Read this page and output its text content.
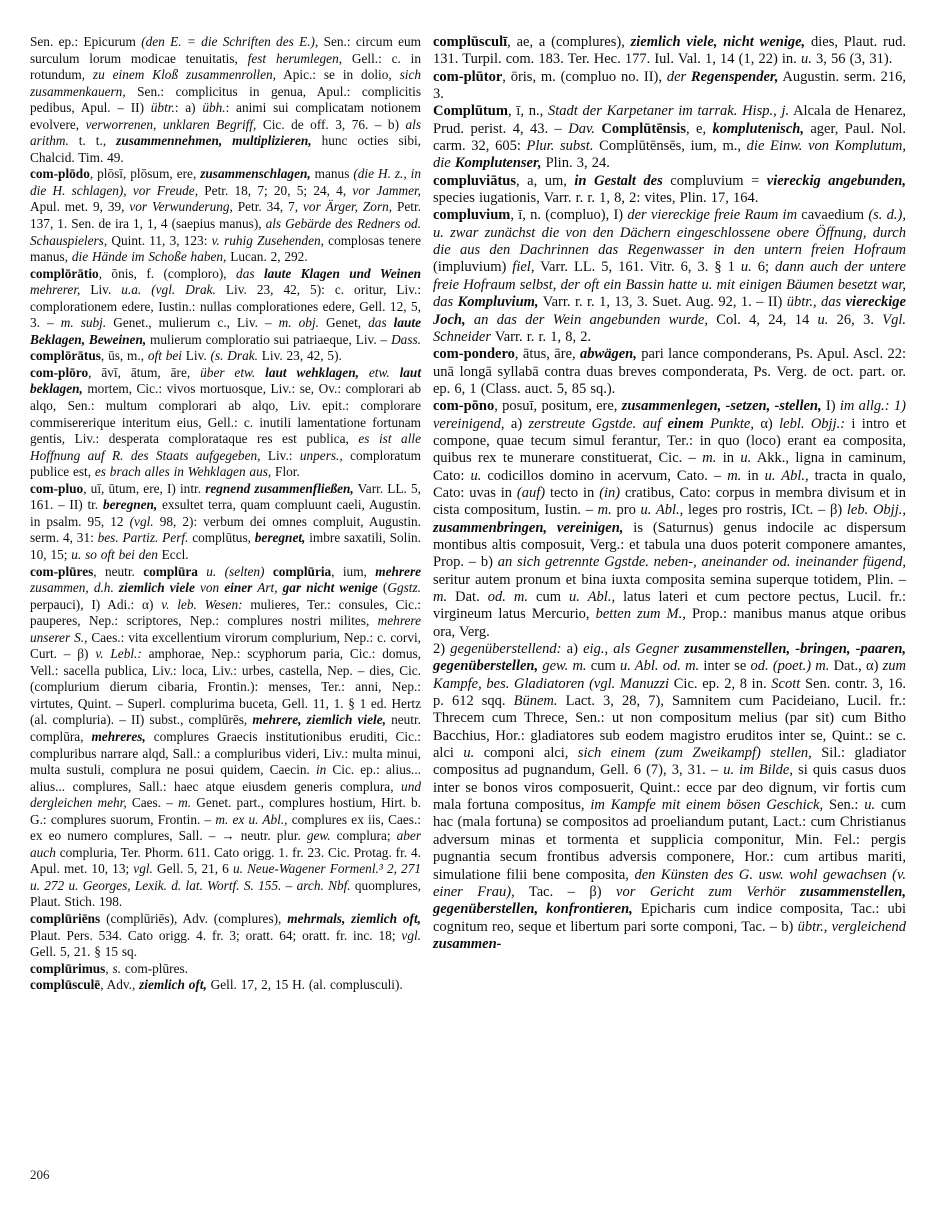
Sen. ep.: Epicurum (den E. = die Schriften des E.), Sen.: circum eum surculum lorum modicae tenuitatis, fest herumlegen, Gell.: c. in rotundum, zu einem Kloß zusammenrollen, Apic.: se in dolio, sich zusammenkauern, Sen.: complicitus in genua, Apul.: complicitis pedibus, Apul. – II) übtr.: a) übh.: animi sui complicatam notionem evolvere, verworrenen, unklaren Begriff, Cic. de off. 3, 76. – b) als arithm. t. t., zusammennehmen, multiplizieren, hunc octies sibi, Chalcid. Tim. 49.

com-plōdo, plōsī, plōsum, ere, zusammenschlagen, manus (die H. z., in die H. schlagen), vor Freude, Petr. 18, 7; 20, 5; 24, 4, vor Jammer, Apul. met. 9, 39, vor Verwunderung, Petr. 34, 7, vor Ärger, Zorn, Petr. 137, 1. Sen. de ira 1, 1, 4 (saepius manus), als Gebärde des Redners od. Schauspielers, Quint. 11, 3, 123: v. ruhig Zusehenden, complosas tenere manus, die Hände im Schoße haben, Lucan. 2, 292.

complōrātio, ōnis, f. (comploro), das laute Klagen und Weinen mehrerer, Liv. u.a. (vgl. Drak. Liv. 23, 42, 5): c. oritur, Liv.: complorationem edere, Iustin.: nullas complorationes edere, Gell. 12, 5, 3. – m. subj. Genet., mulierum c., Liv. – m. obj. Genet, das laute Beklagen, Beweinen, mulierum comploratio sui patriaeque, Liv. – Dass. complōrātus, ūs, m., oft bei Liv. (s. Drak. Liv. 23, 42, 5).

com-plōro, āvī, ātum, āre, über etw. laut wehklagen, etw. laut beklagen, mortem, Cic.: vivos mortuosque, Liv.: se, Ov.: complorari ab alqo, Sen.: multum complorari ab alqo, Liv. epit.: complorare commisererique interitum eius, Gell.: c. inutili lamentatione fortunam gentis, Liv.: desperata complorataque res est publica, es ist alle Hoffnung auf R. des Staats aufgegeben, Liv.: unpers., comploratum publice est, es brach alles in Wehklagen aus, Flor.

com-pluo, uī, ūtum, ere, I) intr. regnend zusammenfließen, Varr. LL. 5, 161. – II) tr. beregnen, exsultet terra, quam compluunt caeli, Augustin. in psalm. 95, 12 (vgl. 98, 2): verbum dei omnes compluit, Augustin. serm. 4, 31: bes. Partiz. Perf. complūtus, beregnet, imbre saxatili, Solin. 10, 15; u. so oft bei den Eccl.

com-plūres, neutr. complūra u. (selten) complūria, ium, mehrere zusammen, d.h. ziemlich viele von einer Art, gar nicht wenige (Ggstz. perpauci), I) Adi.: α) v. leb. Wesen: mulieres, Ter.: consules, Cic.: pauperes, Nep.: scriptores, Nep.: complures nostri milites, mehrere unserer S., Caes.: vita excellentium virorum complurium, Nep.: c. corvi, Curt. – β) v. Lebl.: amphorae, Nep.: scyphorum paria, Cic.: domus, Vell.: sacella publica, Liv.: loca, Liv.: urbes, castella, Nep. – dies, Cic. (complurium dierum cibaria, Frontin.): menses, Ter.: anni, Nep.: virtutes, Quint. – Superl. complurima buceta, Gell. 11, 1. § 1 ed. Hertz (al. compluria). – II) subst., complūrēs, mehrere, ziemlich viele, neutr. complūra, mehreres, complures Graecis institutionibus eruditi, Cic.: compluribus narrare alqd, Sall.: a compluribus videri, Liv.: multa minui, multa sustuli, complura ne posui quidem, Caecin. in Cic. ep.: alius... alius... complures, Sall.: haec atque eiusdem generis complura, und dergleichen mehr, Caes. – m. Genet. part., complures hostium, Hirt. b. G.: complures suorum, Frontin. – m. ex u. Abl., complures ex iis, Caes.: ex eo numero complures, Sall. – → neutr. plur. gew. complura; aber auch compluria, Ter. Phorm. 611. Cato origg. 1. fr. 23. Cic. Protag. fr. 4. Apul. met. 10, 13; vgl. Gell. 5, 21, 6 u. Neue-Wagener Formenl.³ 2, 271 u. 272 u. Georges, Lexik. d. lat. Wortf. S. 155. – arch. Nbf. quomplures, Plaut. Stich. 198.

complūriēns (complūriēs), Adv. (complures), mehrmals, ziemlich oft, Plaut. Pers. 534. Cato origg. 4. fr. 3; oratt. 64; oratt. fr. inc. 18; vgl. Gell. 5, 21. § 15 sq.

complūrimus, s. com-plūres.

complūsculē, Adv., ziemlich oft, Gell. 17, 2, 15 H. (al. complusculi).

complūsculī, ae, a (complures), ziemlich viele, nicht wenige, dies, Plaut. rud. 131. Turpil. com. 183. Ter. Hec. 177. Iul. Val. 1, 14 (1, 22) in. u. 3, 56 (3, 31).

com-plūtor, ōris, m. (compluo no. II), der Regenspender, Augustin. serm. 216, 3.

Complūtum, ī, n., Stadt der Karpetaner im tarrak. Hisp., j. Alcala de Henarez, Prud. perist. 4, 43. – Dav. Complūtēnsis, e, komplutenisch, ager, Paul. Nol. carm. 32, 605: Plur. subst. Complūtēnsēs, ium, m., die Einw. von Komplutum, die Komplutenser, Plin. 3, 24.

compluviātus, a, um, in Gestalt des compluvium = viereckig angebunden, species iugationis, Varr. r. r. 1, 8, 2: vites, Plin. 17, 164.

compluvium, ī, n. (compluo), I) der viereckige freie Raum im cavaedium (s. d.), u. zwar zunächst die von den Dächern eingeschlossene obere Öffnung, durch die aus den Dachrinnen das Regenwasser in den untern freien Hofraum (impluvium) fiel, Varr. LL. 5, 161. Vitr. 6, 3. § 1 u. 6; dann auch der untere freie Hofraum selbst, der oft ein Bassin hatte u. mit einigen Bäumen besetzt war, das Kompluvium, Varr. r. r. 1, 13, 3. Suet. Aug. 92, 1. – II) übtr., das viereckige Joch, an das der Wein angebunden wurde, Col. 4, 24, 14 u. 26, 3. Vgl. Schneider Varr. r. r. 1, 8, 2.

com-pondero, ātus, āre, abwägen, pari lance componderans, Ps. Apul. Ascl. 22: unā longā syllabā contra duas breves componderata, Ps. Verg. de oct. part. or. ep. 6, 1 (Class. auct. 5, 85 sq.).

com-pōno, posuī, positum, ere, zusammenlegen, -setzen, -stellen, I) im allg.: 1) vereinigend, a) zerstreute Ggstde. auf einem Punkte, α) lebl. Objj.: i intro et compone, quae tecum simul ferantur, Ter.: in quo (loco) erant ea composita, quibus rex te munerare constituerat, Cic. – m. in u. Akk., ligna in caminum, Cato: u. codicillos domino in acervum, Cato. – m. in u. Abl., tracta in qualo, Cato: uvas in (auf) tecto in (in) cratibus, Cato: corpus in membra divisum et in cista compositum, Iustin. – m. pro u. Abl., leges pro rostris, ICt. – β) leb. Objj., zusammenbringen, vereinigen, is (Saturnus) genus indocile ac dispersum montibus altis composuit, Verg.: et tabula una duos poterit componere amantes, Prop. – b) an sich getrennte Ggstde. neben-, aneinander od. ineinander fügend, seritur autem pronum et bina iuxta composita semina superque totidem, Plin. – m. Dat. od. m. cum u. Abl., latus lateri et cum pectore pectus, Lucil. fr.: virgineum latus Mercurio, betten zum M., Prop.: manibus manus atque oribus ora, Verg.

2) gegenüberstellend: a) eig., als Gegner zusammenstellen, -bringen, -paaren, gegenüberstellen, gew. m. cum u. Abl. od. m. inter se od. (poet.) m. Dat., α) zum Kampfe, bes. Gladiatoren (vgl. Manuzzi Cic. ep. 2, 8 in. Scott Sen. contr. 3, 16. p. 612 sqq. Bünem. Lact. 3, 28, 7), Samnitem cum Pacideiano, Lucil. fr.: Threcem cum Threce, Sen.: ut non compositum melius (par sit) cum Bitho Bacchius, Hor.: gladiatores sub eodem magistro eruditos inter se, Quint.: se c. alci u. componi alci, sich einem (zum Zweikampf) stellen, Sil.: gladiator compositus ad pugnandum, Gell. 6 (7), 3, 31. – u. im Bilde, si quis casus duos inter se bonos viros composuerit, Quint.: ecce par deo dignum, vir fortis cum mala fortuna compositus, im Kampfe mit einem bösen Geschick, Sen.: u. cum hac (mala fortuna) se compositos ad proeliandum putant, Lact.: cum Christianus adversum minas et tormenta et supplicia componitur, Min. Fel.: pergis pugnantia secum frontibus adversis componere, Hor.: cum artibus mariti, simulatione filii bene composita, den Künsten des G. usw. wohl gewachsen (v. einer Frau), Tac. – β) vor Gericht zum Verhör zusammenstellen, gegenüberstellen, konfrontieren, Epicharis cum indice composita, Tac.: ubi cognitum reo, seque et libertum pari sorte componi, Tac. – b) übtr., vergleichend zusammen-

206
